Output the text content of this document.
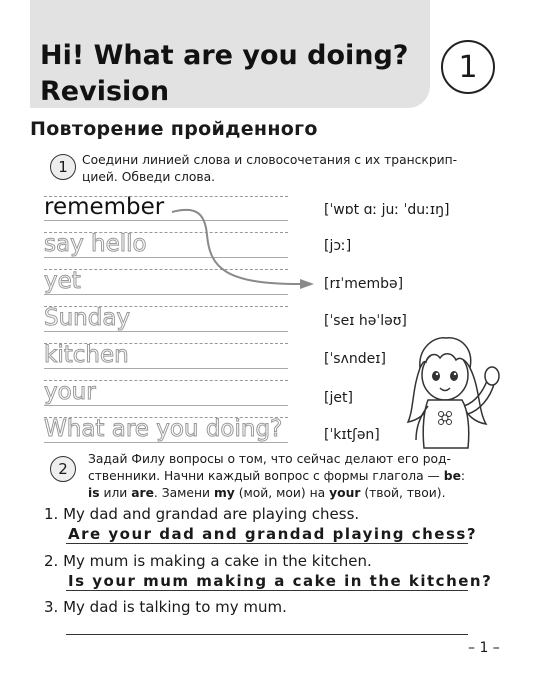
Hi! What are you doing?
Revision
1
Повторение пройденного
1	Соедини линией слова и словосочетания с их транскрип-
цией. Обведи слова.
remember
say hello
yet
Sunday
kitchen
your
What are you doing?
[ˈwɒt ɑː juː ˈduːɪŋ]
[jɔː]
[rɪˈmembə]
[ˈseɪ həˈləʊ]
[ˈsʌndeɪ]
[jet]
[ˈkɪtʃən]
2
Задай Филу вопросы о том, что сейчас делают его род-
ственники. Начни каждый вопрос с формы глагола — be:
is или are. Замени my (мой, мои) на your (твой, твои).
1. My dad and grandad are playing chess.
Are your dad and grandad playing chess?
2. My mum is making a cake in the kitchen.
Is your mum making a cake in the kitchen?
3. My dad is talking to my mum.
– 1 –
